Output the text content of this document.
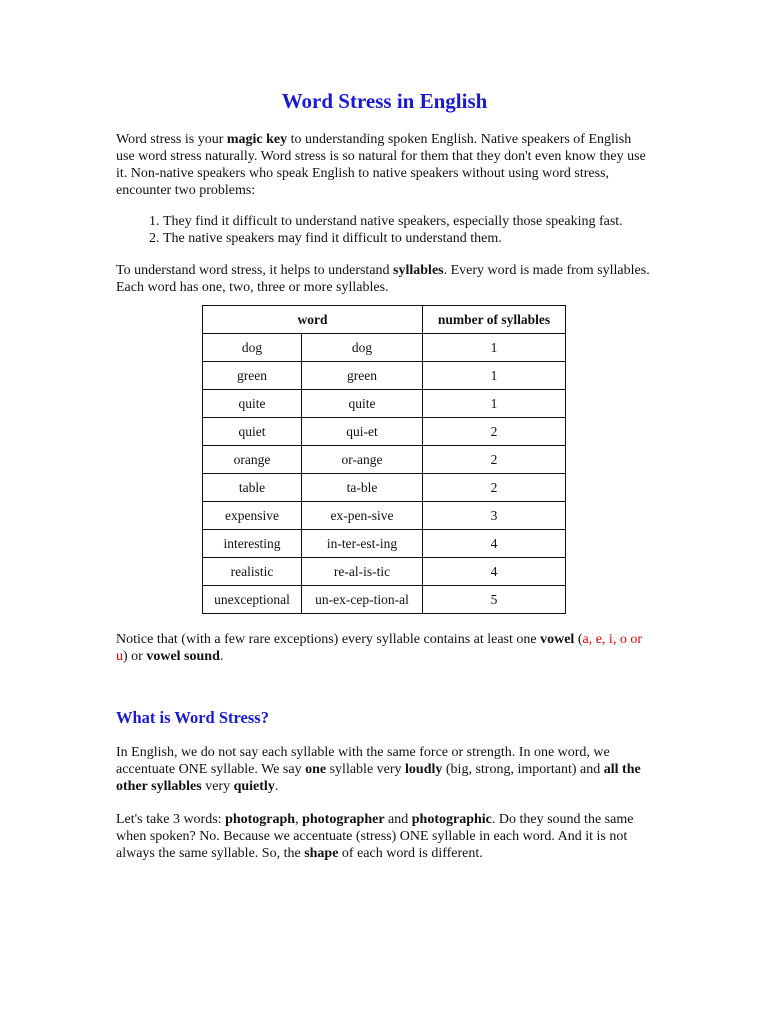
Word Stress in English

Word stress is your magic key to understanding spoken English. Native speakers of English use word stress naturally. Word stress is so natural for them that they don't even know they use it. Non-native speakers who speak English to native speakers without using word stress, encounter two problems:

1. They find it difficult to understand native speakers, especially those speaking fast.
2. The native speakers may find it difficult to understand them.

To understand word stress, it helps to understand syllables. Every word is made from syllables. Each word has one, two, three or more syllables.

word		number of syllables
dog	dog	1
green	green	1
quite	quite	1
quiet	qui-et	2
orange	or-ange	2
table	ta-ble	2
expensive	ex-pen-sive	3
interesting	in-ter-est-ing	4
realistic	re-al-is-tic	4
unexceptional	un-ex-cep-tion-al	5

Notice that (with a few rare exceptions) every syllable contains at least one vowel (a, e, i, o or u) or vowel sound.

What is Word Stress?

In English, we do not say each syllable with the same force or strength. In one word, we accentuate ONE syllable. We say one syllable very loudly (big, strong, important) and all the other syllables very quietly.

Let's take 3 words: photograph, photographer and photographic. Do they sound the same when spoken? No. Because we accentuate (stress) ONE syllable in each word. And it is not always the same syllable. So, the shape of each word is different.
